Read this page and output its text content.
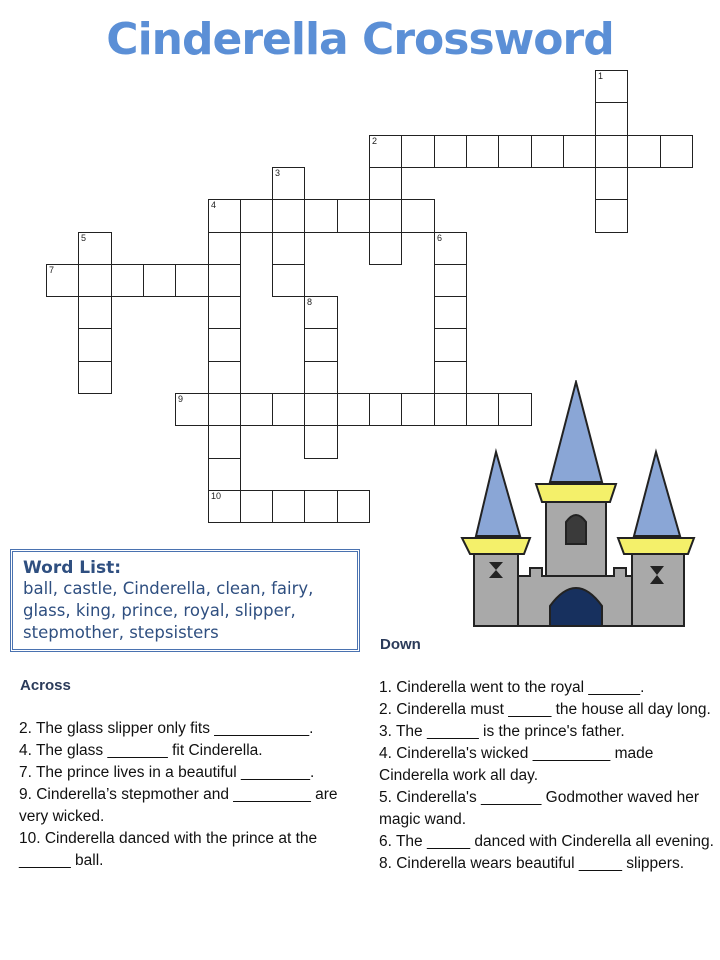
Cinderella Crossword
1
2
3
4
10
5	6
7
8
9
Word List:
ball, castle, Cinderella, clean, fairy, glass, king, prince, royal, slipper, stepmother, stepsisters
Across
2. The glass slipper only fits ___________.
4. The glass _______ fit Cinderella.
7. The prince lives in a beautiful ________.
9. Cinderella’s stepmother and _________ are very wicked.
10. Cinderella danced with the prince at the ______ ball.
Down
1. Cinderella went to the royal ______.
2. Cinderella must _____ the house all day long.
3. The ______ is the prince's father.
4. Cinderella's wicked _________ made Cinderella work all day.
5. Cinderella's _______ Godmother waved her magic wand.
6. The _____ danced with Cinderella all evening.
8. Cinderella wears beautiful _____ slippers.
